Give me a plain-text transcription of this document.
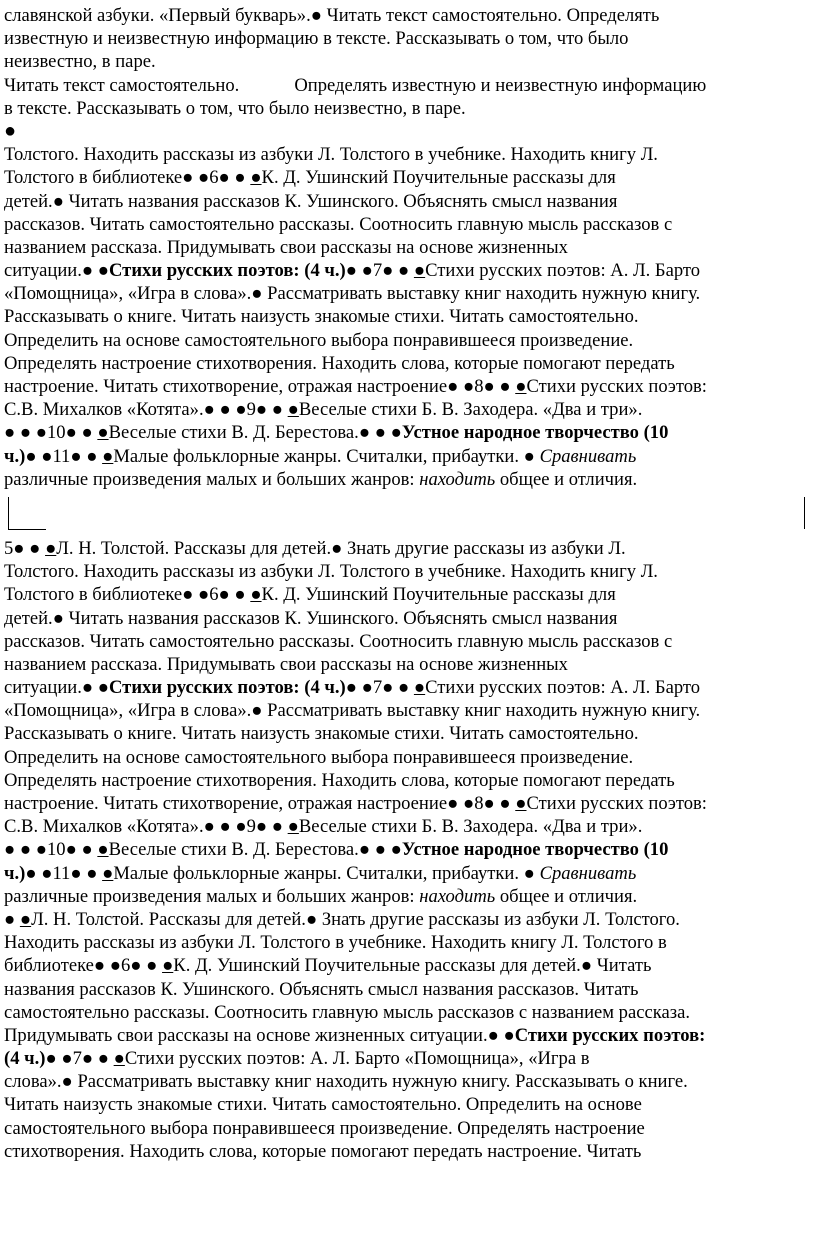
славянской азбуки. «Первый букварь».● Читать текст самостоятельно. Определять
известную и неизвестную информацию в тексте. Рассказывать о том, что было
неизвестно, в паре.
Читать текст самостоятельно.	Определять известную и неизвестную информацию
в тексте. Рассказывать о том, что было неизвестно, в паре.
●
Толстого. Находить рассказы из азбуки Л. Толстого в учебнике. Находить книгу Л.
Толстого в библиотеке● ●6● ● ●К. Д. Ушинский Поучительные рассказы для
детей.● Читать названия рассказов К. Ушинского. Объяснять смысл названия
рассказов. Читать самостоятельно рассказы. Соотносить главную мысль рассказов с
названием рассказа. Придумывать свои рассказы на основе жизненных
ситуации.● ●Стихи русских поэтов: (4 ч.)● ●7● ● ●Стихи русских поэтов: А. Л. Барто
«Помощница», «Игра в слова».● Рассматривать выставку книг находить нужную книгу.
Рассказывать о книге. Читать наизусть знакомые стихи. Читать самостоятельно.
Определить на основе самостоятельного выбора понравившееся произведение.
Определять настроение стихотворения. Находить слова, которые помогают передать
настроение. Читать стихотворение, отражая настроение● ●8● ● ●Стихи русских поэтов:
С.В. Михалков «Котята».● ● ●9● ● ●Веселые стихи Б. В. Заходера. «Два и три».
● ● ●10● ● ●Веселые стихи В. Д. Берестова.● ● ●Устное народное творчество (10
ч.)● ●11● ● ●Малые фольклорные жанры. Считалки, прибаутки. ● Сравнивать
различные произведения малых и больших жанров: находить общее и отличия.
5● ● ●Л. Н. Толстой. Рассказы для детей.● Знать другие рассказы из азбуки Л.
Толстого. Находить рассказы из азбуки Л. Толстого в учебнике. Находить книгу Л.
Толстого в библиотеке● ●6● ● ●К. Д. Ушинский Поучительные рассказы для
детей.● Читать названия рассказов К. Ушинского. Объяснять смысл названия
рассказов. Читать самостоятельно рассказы. Соотносить главную мысль рассказов с
названием рассказа. Придумывать свои рассказы на основе жизненных
ситуации.● ●Стихи русских поэтов: (4 ч.)● ●7● ● ●Стихи русских поэтов: А. Л. Барто
«Помощница», «Игра в слова».● Рассматривать выставку книг находить нужную книгу.
Рассказывать о книге. Читать наизусть знакомые стихи. Читать самостоятельно.
Определить на основе самостоятельного выбора понравившееся произведение.
Определять настроение стихотворения. Находить слова, которые помогают передать
настроение. Читать стихотворение, отражая настроение● ●8● ● ●Стихи русских поэтов:
С.В. Михалков «Котята».● ● ●9● ● ●Веселые стихи Б. В. Заходера. «Два и три».
● ● ●10● ● ●Веселые стихи В. Д. Берестова.● ● ●Устное народное творчество (10
ч.)● ●11● ● ●Малые фольклорные жанры. Считалки, прибаутки. ● Сравнивать
различные произведения малых и больших жанров: находить общее и отличия.
● ●Л. Н. Толстой. Рассказы для детей.● Знать другие рассказы из азбуки Л. Толстого.
Находить рассказы из азбуки Л. Толстого в учебнике. Находить книгу Л. Толстого в
библиотеке● ●6● ● ●К. Д. Ушинский Поучительные рассказы для детей.● Читать
названия рассказов К. Ушинского. Объяснять смысл названия рассказов. Читать
самостоятельно рассказы. Соотносить главную мысль рассказов с названием рассказа.
Придумывать свои рассказы на основе жизненных ситуации.● ●Стихи русских поэтов:
(4 ч.)● ●7● ● ●Стихи русских поэтов: А. Л. Барто «Помощница», «Игра в
слова».● Рассматривать выставку книг находить нужную книгу. Рассказывать о книге.
Читать наизусть знакомые стихи. Читать самостоятельно. Определить на основе
самостоятельного выбора понравившееся произведение. Определять настроение
стихотворения. Находить слова, которые помогают передать настроение. Читать
